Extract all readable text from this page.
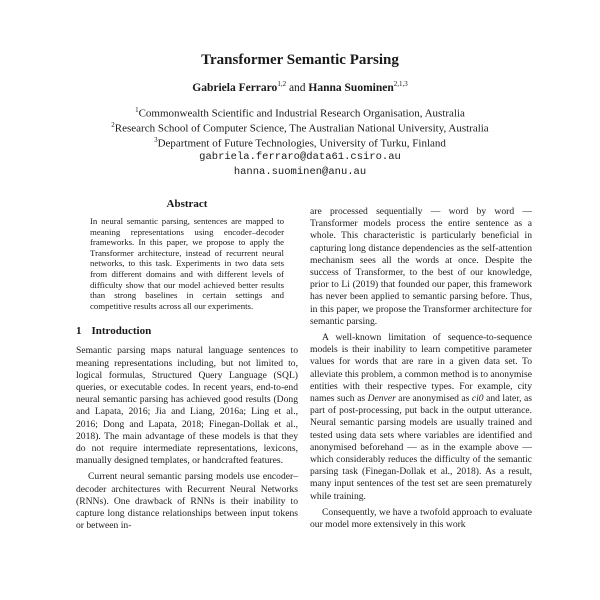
Transformer Semantic Parsing
Gabriela Ferraro$^{1,2}$ and Hanna Suominen$^{2,1,3}$
$^1$Commonwealth Scientific and Industrial Research Organisation, Australia
$^2$Research School of Computer Science, The Australian National University, Australia
$^3$Department of Future Technologies, University of Turku, Finland
gabriela.ferraro@data61.csiro.au
hanna.suominen@anu.au
Abstract

In neural semantic parsing, sentences are mapped to meaning representations using encoder–decoder frameworks. In this paper, we propose to apply the Transformer architecture, instead of recurrent neural networks, to this task. Experiments in two data sets from different domains and with different levels of difficulty show that our model achieved better results than strong baselines in certain settings and competitive results across all our experiments.

1 Introduction

Semantic parsing maps natural language sentences to meaning representations including, but not limited to, logical formulas, Structured Query Language (SQL) queries, or executable codes. In recent years, end-to-end neural semantic parsing has achieved good results (Dong and Lapata, 2016; Jia and Liang, 2016a; Ling et al., 2016; Dong and Lapata, 2018; Finegan-Dollak et al., 2018). The main advantage of these models is that they do not require intermediate representations, lexicons, manually designed templates, or handcrafted features.

Current neural semantic parsing models use encoder–decoder architectures with Recurrent Neural Networks (RNNs). One drawback of RNNs is their inability to capture long distance relationships between input tokens or between in-

are processed sequentially — word by word — Transformer models process the entire sentence as a whole. This characteristic is particularly beneficial in capturing long distance dependencies as the self-attention mechanism sees all the words at once. Despite the success of Transformer, to the best of our knowledge, prior to Li (2019) that founded our paper, this framework has never been applied to semantic parsing before. Thus, in this paper, we propose the Transformer architecture for semantic parsing.

A well-known limitation of sequence-to-sequence models is their inability to learn competitive parameter values for words that are rare in a given data set. To alleviate this problem, a common method is to anonymise entities with their respective types. For example, city names such as Denver are anonymised as ci0 and later, as part of post-processing, put back in the output utterance. Neural semantic parsing models are usually trained and tested using data sets where variables are identified and anonymised beforehand — as in the example above — which considerably reduces the difficulty of the semantic parsing task (Finegan-Dollak et al., 2018). As a result, many input sentences of the test set are seen prematurely while training.

Consequently, we have a twofold approach to evaluate our model more extensively in this work
